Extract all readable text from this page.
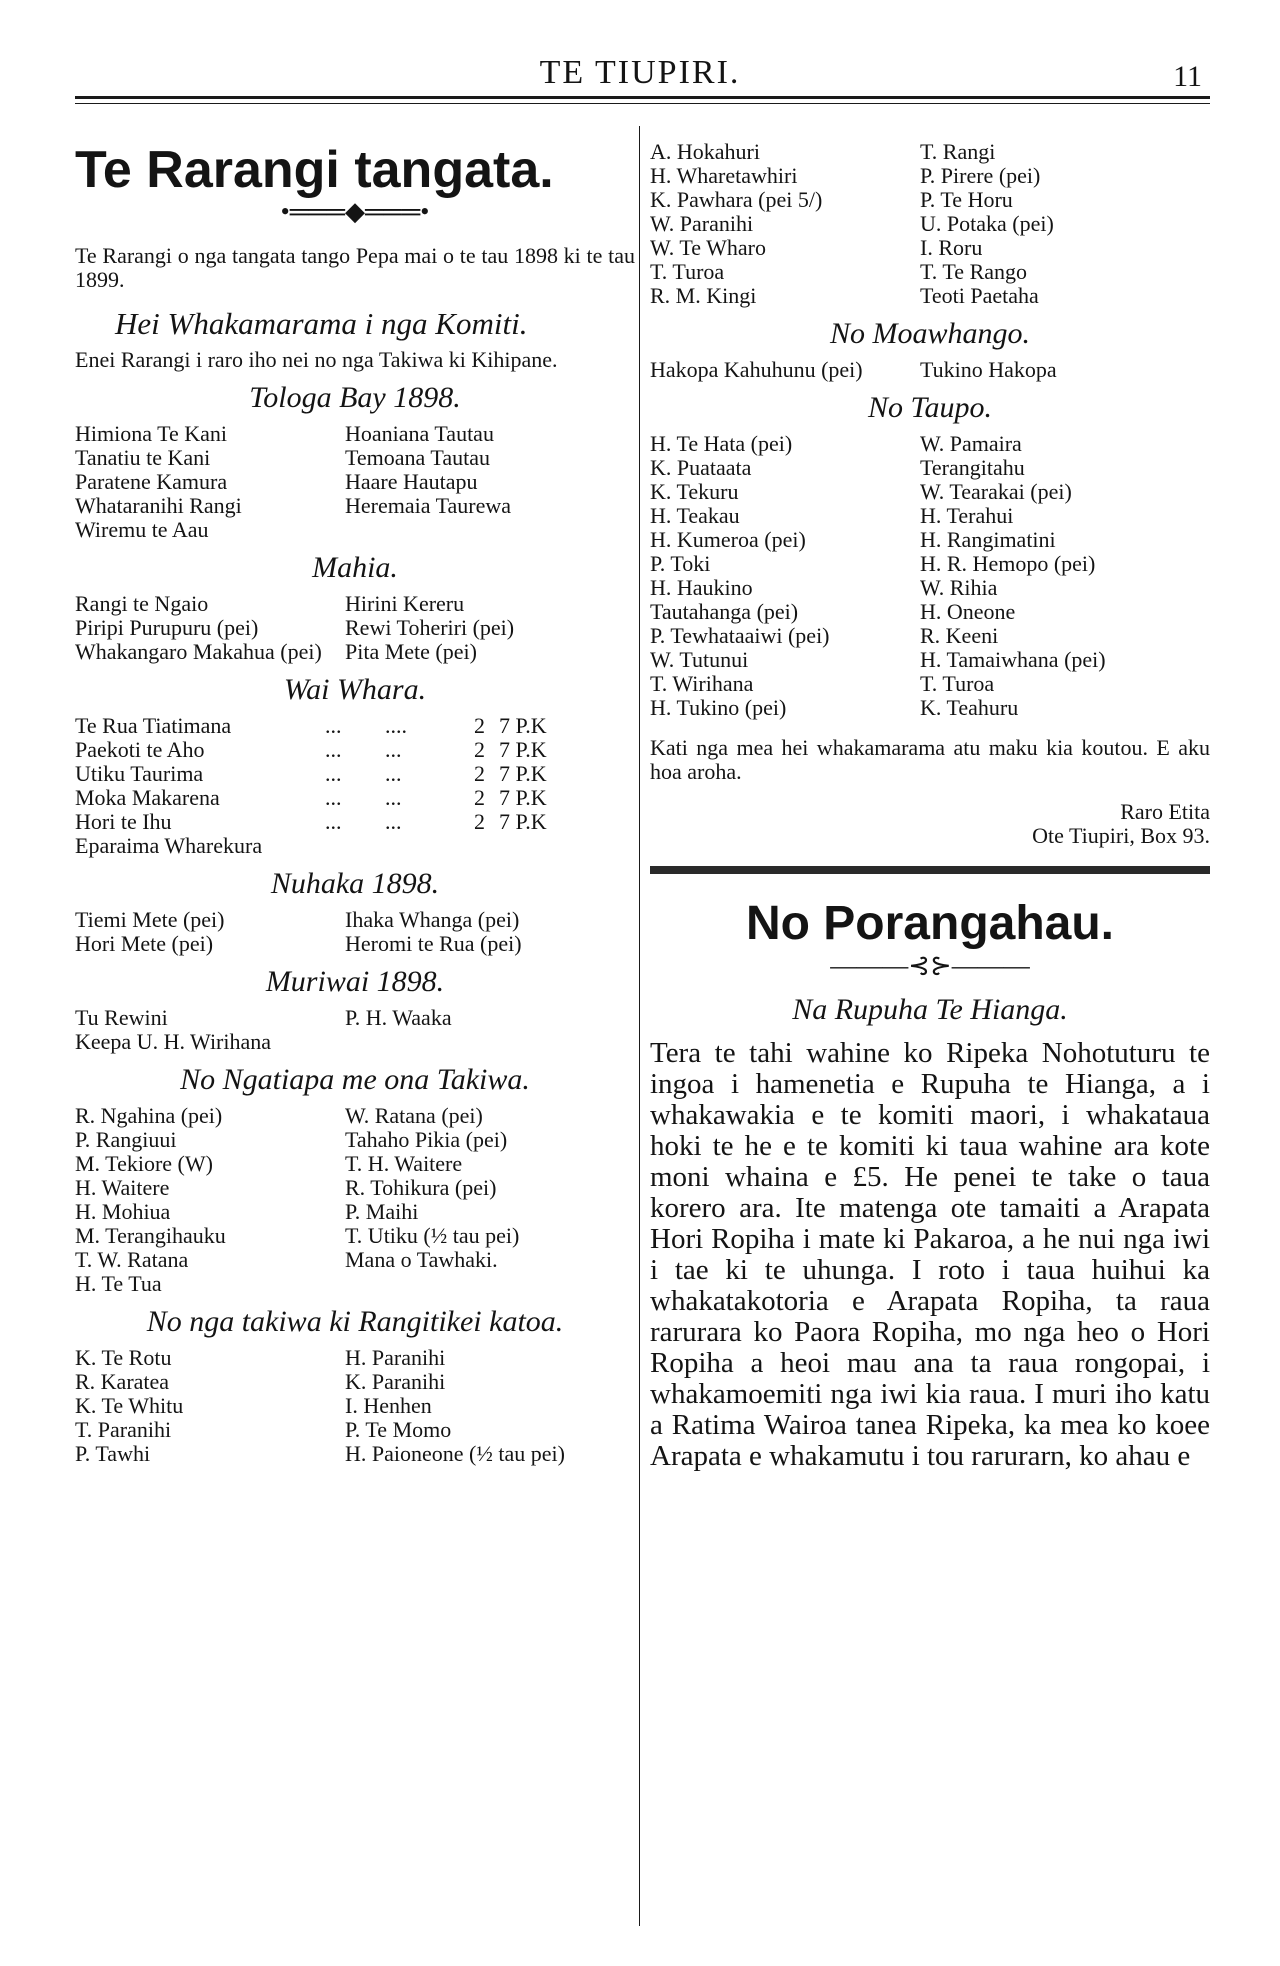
TE TIUPIRI.	11
Te Rarangi tangata.
•═══◆═══•
Te Rarangi o nga tangata tango Pepa mai o te tau 1898 ki te tau 1899.
Hei Whakamarama i nga Komiti.
Enei Rarangi i raro iho nei no nga Takiwa ki Kihipane.
Tologa Bay 1898.
Himiona Te Kani	Hoaniana Tautau
Tanatiu te Kani	Temoana Tautau
Paratene Kamura	Haare Hautapu
Whataranihi Rangi	Heremaia Taurewa
Wiremu te Aau
Mahia.
Rangi te Ngaio	Hirini Kereru
Piripi Purupuru (pei)	Rewi Toheriri (pei)
Whakangaro Makahua (pei)	Pita Mete (pei)
Wai Whara.
Te Rua Tiatimana	...	....	2 7 P.K
Paekoti te Aho	...	...	2 7 P.K
Utiku Taurima	...	...	2 7 P.K
Moka Makarena	...	...	2 7 P.K
Hori te Ihu	...	...	2 7 P.K
Eparaima Wharekura
Nuhaka 1898.
Tiemi Mete (pei)	Ihaka Whanga (pei)
Hori Mete (pei)	Heromi te Rua (pei)
Muriwai 1898.
Tu Rewini	P. H. Waaka
Keepa U. H. Wirihana
No Ngatiapa me ona Takiwa.
R. Ngahina (pei)	W. Ratana (pei)
P. Rangiuui	Tahaho Pikia (pei)
M. Tekiore (W)	T. H. Waitere
H. Waitere	R. Tohikura (pei)
H. Mohiua	P. Maihi
M. Terangihauku	T. Utiku (½ tau pei)
T. W. Ratana	Mana o Tawhaki.
H. Te Tua
No nga takiwa ki Rangitikei katoa.
K. Te Rotu	H. Paranihi
R. Karatea	K. Paranihi
K. Te Whitu	I. Henhen
T. Paranihi	P. Te Momo
P. Tawhi	H. Paioneone (½ tau pei)
A. Hokahuri	T. Rangi
H. Wharetawhiri	P. Pirere (pei)
K. Pawhara (pei 5/)	P. Te Horu
W. Paranihi	U. Potaka (pei)
W. Te Wharo	I. Roru
T. Turoa	T. Te Rango
R. M. Kingi	Teoti Paetaha
No Moawhango.
Hakopa Kahuhunu (pei)	Tukino Hakopa
No Taupo.
H. Te Hata (pei)	W. Pamaira
K. Puataata	Terangitahu
K. Tekuru	W. Tearakai (pei)
H. Teakau	H. Terahui
H. Kumeroa (pei)	H. Rangimatini
P. Toki	H. R. Hemopo (pei)
H. Haukino	W. Rihia
Tautahanga (pei)	H. Oneone
P. Tewhataaiwi (pei)	R. Keeni
W. Tutunui	H. Tamaiwhana (pei)
T. Wirihana	T. Turoa
H. Tukino (pei)	K. Teahuru
Kati nga mea hei whakamarama atu maku kia koutou. E aku hoa aroha.
Raro Etita
Ote Tiupiri, Box 93.
No Porangahau.
———⊰⊱———
Na Rupuha Te Hianga.
Tera te tahi wahine ko Ripeka Nohotuturu te ingoa i hamenetia e Rupuha te Hianga, a i whakawakia e te komiti maori, i whakataua hoki te he e te komiti ki taua wahine ara kote moni whaina e £5. He penei te take o taua korero ara. Ite matenga ote tamaiti a Arapata Hori Ropiha i mate ki Pakaroa, a he nui nga iwi i tae ki te uhunga. I roto i taua huihui ka whakatakotoria e Arapata Ropiha, ta raua rarurara ko Paora Ropiha, mo nga heo o Hori Ropiha a heoi mau ana ta raua rongopai, i whakamoemiti nga iwi kia raua. I muri iho katu a Ratima Wairoa tanea Ripeka, ka mea ko koee Arapata e whakamutu i tou rarurarn, ko ahau e
